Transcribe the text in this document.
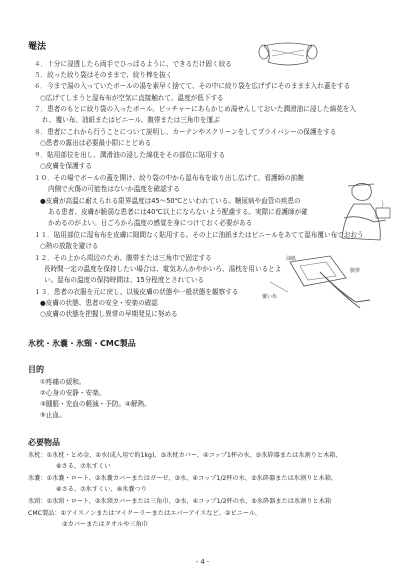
罨法
４．十分に浸透したら両手でひっぱるように、できるだけ固く絞る
５．絞った絞り袋はそのままで、絞り棒を抜く
６．今まで湯の入っていたボールの湯を素早く捨てて、その中に絞り袋を広げずにそのままま入れ蓋をする
○広げてしまうと湿布布が空気に直接触れて、温度が低下する
７．患者のもとに絞り袋の入ったボール、ピッチャーにあらかじめ湯せんしておいた潤滑油に浸した綿花を入
れ、覆い布、油紙またはビニール、腹帯または三角巾を運ぶ
８．患者にこれから行うことについて説明し、カーテンやスクリーンをしてプライバシーの保護をする
○患者の露出は必要最小限にとどめる
９．貼用部位を出し、潤滑油の浸した綿花をその部位に貼用する
○皮膚を保護する
１０．その場でボールの蓋を開け、絞り袋の中から湿布布を取り出し広げて、看護師の前腕
内側で火傷の可能性はないか温度を確認する
●皮膚が高温に耐えられる限界温度は45～50℃といわれている。糖尿病や血管の疾患の
ある患者、皮膚が脆弱な患者には40℃以上にならないよう配慮する。実際に看護師が確
かめるのがよい。日ごろから温度の感覚を身につけておく必要がある
１１．貼用部位に湿布布を皮膚に隙間なく貼用する。その上に油紙またはビニールをあてて湿布覆い布でおおう
○熱の放散を避ける
１２．その上から周辺のため、腹帯または三角巾で固定する
長時間一定の温度を保持したい場合は、電気あんかやかいろ、湯枕を用いるとよ
い。湿布の温度の保持時間は、15分程度とされている
１３．患者の衣服を元に戻し、以後皮膚の状態や一般状態を観察する
●皮膚の状態、患者の安全・安楽の確認
○皮膚の状態を把握し異常の早期発見に努める
覆い布
油紙
腹帯
氷枕・氷嚢・氷頸・CMC製品
目的
①疼痛の緩和。
②心身の安静・安楽。
③腫脹・充血の軽減・予防。④解熱。
⑤止血。
必要物品
氷枕：①氷枕・とめ金、②水(成人用で約1kg)、③氷枕カバー、④コップ1杯の水、⑤氷砕器または氷割りと木箱、
⑥さる、⑦氷すくい
氷嚢：①氷嚢・ロート、②氷嚢カバーまたはガーゼ、③水、④コップ1/2杯の水、⑤氷砕器または氷割りと木箱、
⑥さる、⑦氷すくい、⑧氷嚢つり
氷頸：①氷頸・ロート、②氷頸カバーまたは三角巾、③水、④コップ1/2杯の水、⑤氷砕器または氷割りと木箱
CMC製品：①アイスノンまたはマイクーラーまたはエバーアイスなど、②ビニール、
③カバーまたはタオルや三角巾
- 4 -
